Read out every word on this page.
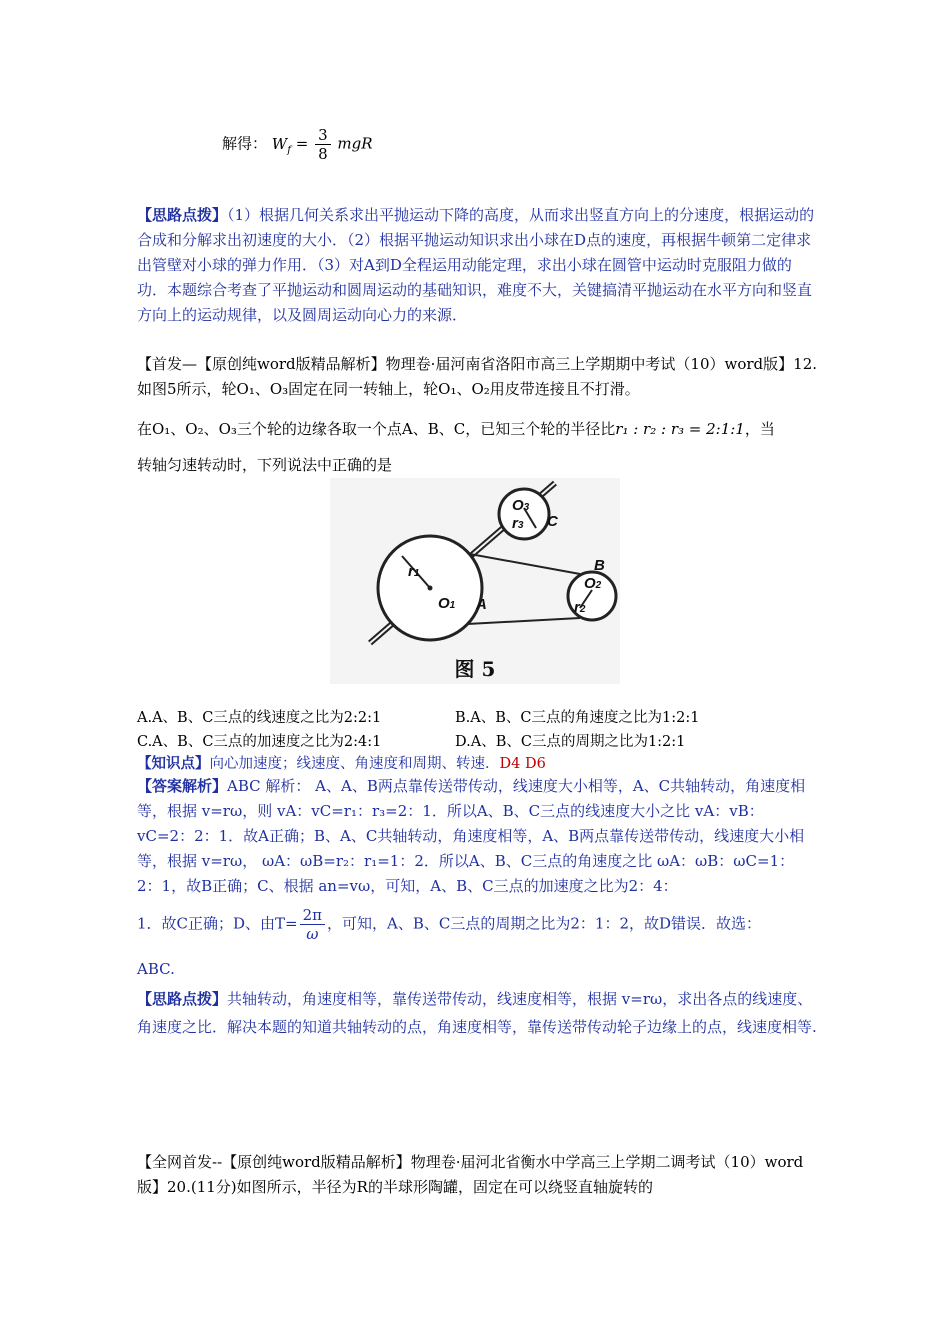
解得： $W_f = \frac{3}{8}$ mgR
【思路点拨】（1）根据几何关系求出平抛运动下降的高度，从而求出竖直方向上的分速度，根据运动的合成和分解求出初速度的大小．（2）根据平抛运动知识求出小球在D点的速度，再根据牛顿第二定律求出管壁对小球的弹力作用．（3）对A到D全程运用动能定理，求出小球在圆管中运动时克服阻力做的功．本题综合考查了平抛运动和圆周运动的基础知识，难度不大，关键搞清平抛运动在水平方向和竖直方向上的运动规律，以及圆周运动向心力的来源．
【首发—【原创纯word版精品解析】物理卷·届河南省洛阳市高三上学期期中考试（10）word版】12.如图5所示，轮O₁、O₃固定在同一转轴上，轮O₁、O₂用皮带连接且不打滑。
在O₁、O₂、O₃三个轮的边缘各取一个点A、B、C，已知三个轮的半径比r₁ : r₂ : r₃ = 2:1:1，当
转轴匀速转动时，下列说法中正确的是
O1
r1
A
O2
r2
B
O3
r3 C
图 5
A.A、B、C三点的线速度之比为2:2:1	B.A、B、C三点的角速度之比为1:2:1
C.A、B、C三点的加速度之比为2:4:1	D.A、B、C三点的周期之比为1:2:1
【知识点】向心加速度；线速度、角速度和周期、转速．D4 D6
【答案解析】ABC 解析： A、A、B两点靠传送带传动，线速度大小相等，A、C共轴转动，角速度相等，根据 v=rω，则 vA：vC=r₁：r₃=2：1．所以A、B、C三点的线速度大小之比 vA：vB：vC=2：2：1．故A正确；B、A、C共轴转动，角速度相等，A、B两点靠传送带传动，线速度大小相等，根据 v=rω， ωA：ωB=r₂：r₁=1：2．所以A、B、C三点的角速度之比 ωA：ωB：ωC=1：2：1，故B正确；C、根据 an=vω，可知，A、B、C三点的加速度之比为2：4：
1．故C正确；D、由$T= \frac{2\pi}{\omega}$ ，可知，A、B、C三点的周期之比为2：1：2，故D错误．故选：
ABC.
【思路点拨】共轴转动，角速度相等，靠传送带传动，线速度相等，根据 v=rω，求出各点的线速度、角速度之比．解决本题的知道共轴转动的点，角速度相等，靠传送带传动轮子边缘上的点，线速度相等.
【全网首发--【原创纯word版精品解析】物理卷·届河北省衡水中学高三上学期二调考试（10）word版】20.(11分)如图所示，半径为R的半球形陶罐，固定在可以绕竖直轴旋转的
